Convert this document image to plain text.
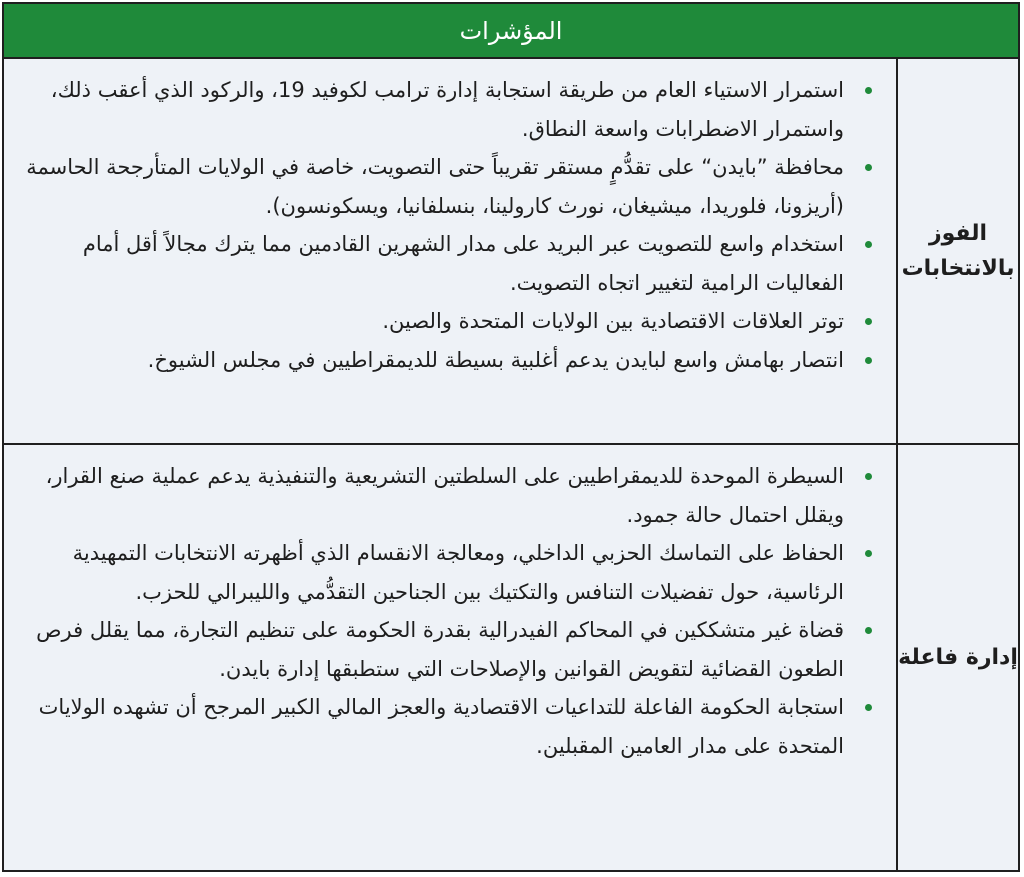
المؤشرات
الفوز
بالانتخابات
استمرار الاستياء العام من طريقة استجابة إدارة ترامب لكوفيد 19، والركود الذي أعقب ذلك، واستمرار الاضطرابات واسعة النطاق.
محافظة ”بايدن“ على تقدُّمٍ مستقر تقريباً حتى التصويت، خاصة في الولايات المتأرجحة الحاسمة (أريزونا، فلوريدا، ميشيغان، نورث كارولينا، بنسلفانيا، ويسكونسون).
استخدام واسع للتصويت عبر البريد على مدار الشهرين القادمين مما يترك مجالاً أقل أمام الفعاليات الرامية لتغيير اتجاه التصويت.
توتر العلاقات الاقتصادية بين الولايات المتحدة والصين.
انتصار بهامش واسع لبايدن يدعم أغلبية بسيطة للديمقراطيين في مجلس الشيوخ.
إدارة فاعلة
السيطرة الموحدة للديمقراطيين على السلطتين التشريعية والتنفيذية يدعم عملية صنع القرار، ويقلل احتمال حالة جمود.
الحفاظ على التماسك الحزبي الداخلي، ومعالجة الانقسام الذي أظهرته الانتخابات التمهيدية الرئاسية، حول تفضيلات التنافس والتكتيك بين الجناحين التقدُّمي والليبرالي للحزب.
قضاة غير متشككين في المحاكم الفيدرالية بقدرة الحكومة على تنظيم التجارة، مما يقلل فرص الطعون القضائية لتقويض القوانين والإصلاحات التي ستطبقها إدارة بايدن.
استجابة الحكومة الفاعلة للتداعيات الاقتصادية والعجز المالي الكبير المرجح أن تشهده الولايات المتحدة على مدار العامين المقبلين.
